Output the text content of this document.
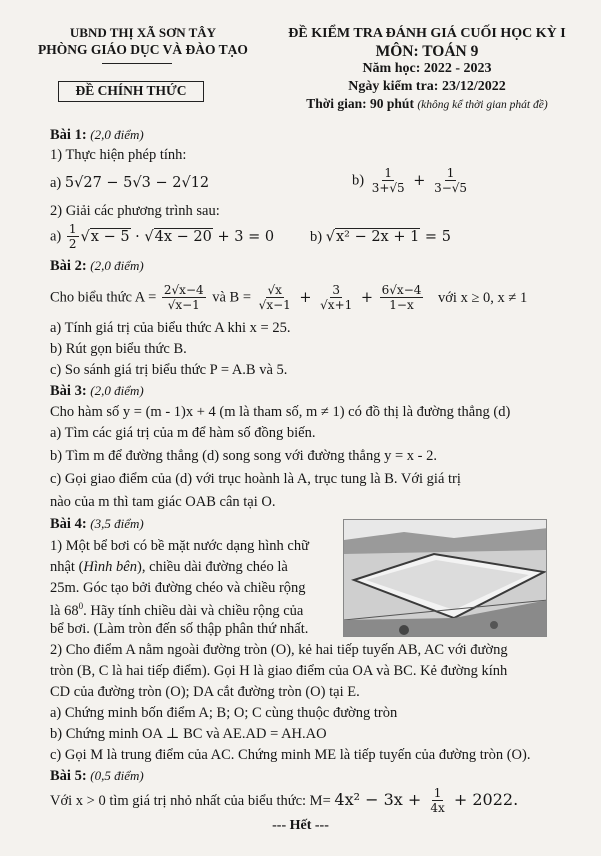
UBND THỊ XÃ SƠN TÂY
PHÒNG GIÁO DỤC VÀ ĐÀO TẠO
ĐỀ CHÍNH THỨC
ĐỀ KIỂM TRA ĐÁNH GIÁ CUỐI HỌC KỲ I
MÔN: TOÁN 9
Năm học: 2022 - 2023
Ngày kiểm tra: 23/12/2022
Thời gian: 90 phút (không kể thời gian phát đề)
Bài 1: (2,0 điểm)
1) Thực hiện phép tính:
a) 5√27 − 5√3 − 2√12	$b) \frac{1}{3+√5} + \frac{1}{3-√5}$
2) Giải các phương trình sau:
$a) \frac{1}{2} √x - 5 \cdot √4x - 20 + 3 = 0$ b) √x² − 2x + 1 = 5
Bài 2: (2,0 điểm)
Cho biểu thức $A = \frac{2√x-4}{√x-1}$ và $B = \frac{√x}{√x-1} + \frac{3}{√x+1} + \frac{6√x-4}{1-x}$ với x ≥ 0, x ≠ 1
a) Tính giá trị của biểu thức A khi x = 25.
b) Rút gọn biểu thức B.
c) So sánh giá trị biểu thức P = A.B và 5.
Bài 3: (2,0 điểm)
Cho hàm số y = (m - 1)x + 4 (m là tham số, m ≠ 1) có đồ thị là đường thẳng (d)
a) Tìm các giá trị của m để hàm số đồng biến.
b) Tìm m để đường thẳng (d) song song với đường thẳng y = x - 2.
c) Gọi giao điểm của (d) với trục hoành là A, trục tung là B. Với giá trị
nào của m thì tam giác OAB cân tại O.
Bài 4: (3,5 điểm)
1) Một bể bơi có bề mặt nước dạng hình chữ
nhật (Hình bên), chiều dài đường chéo là
25m. Góc tạo bởi đường chéo và chiều rộng
là $68^0$. Hãy tính chiều dài và chiều rộng của
bể bơi. (Làm tròn đến số thập phân thứ nhất.
2) Cho điểm A nằm ngoài đường tròn (O), kẻ hai tiếp tuyến AB, AC với đường
tròn (B, C là hai tiếp điểm). Gọi H là giao điểm của OA và BC. Kẻ đường kính
CD của đường tròn (O); DA cắt đường tròn (O) tại E.
a) Chứng minh bốn điểm A; B; O; C cùng thuộc đường tròn
b) Chứng minh OA ⊥ BC và AE.AD = AH.AO
c) Gọi M là trung điểm của AC. Chứng minh ME là tiếp tuyến của đường tròn (O).
Bài 5: (0,5 điểm)
Với x > 0 tìm giá trị nhỏ nhất của biểu thức: $M= 4x^2 - 3x + \frac{1}{4x} + 2022$.
--- Hết ---
